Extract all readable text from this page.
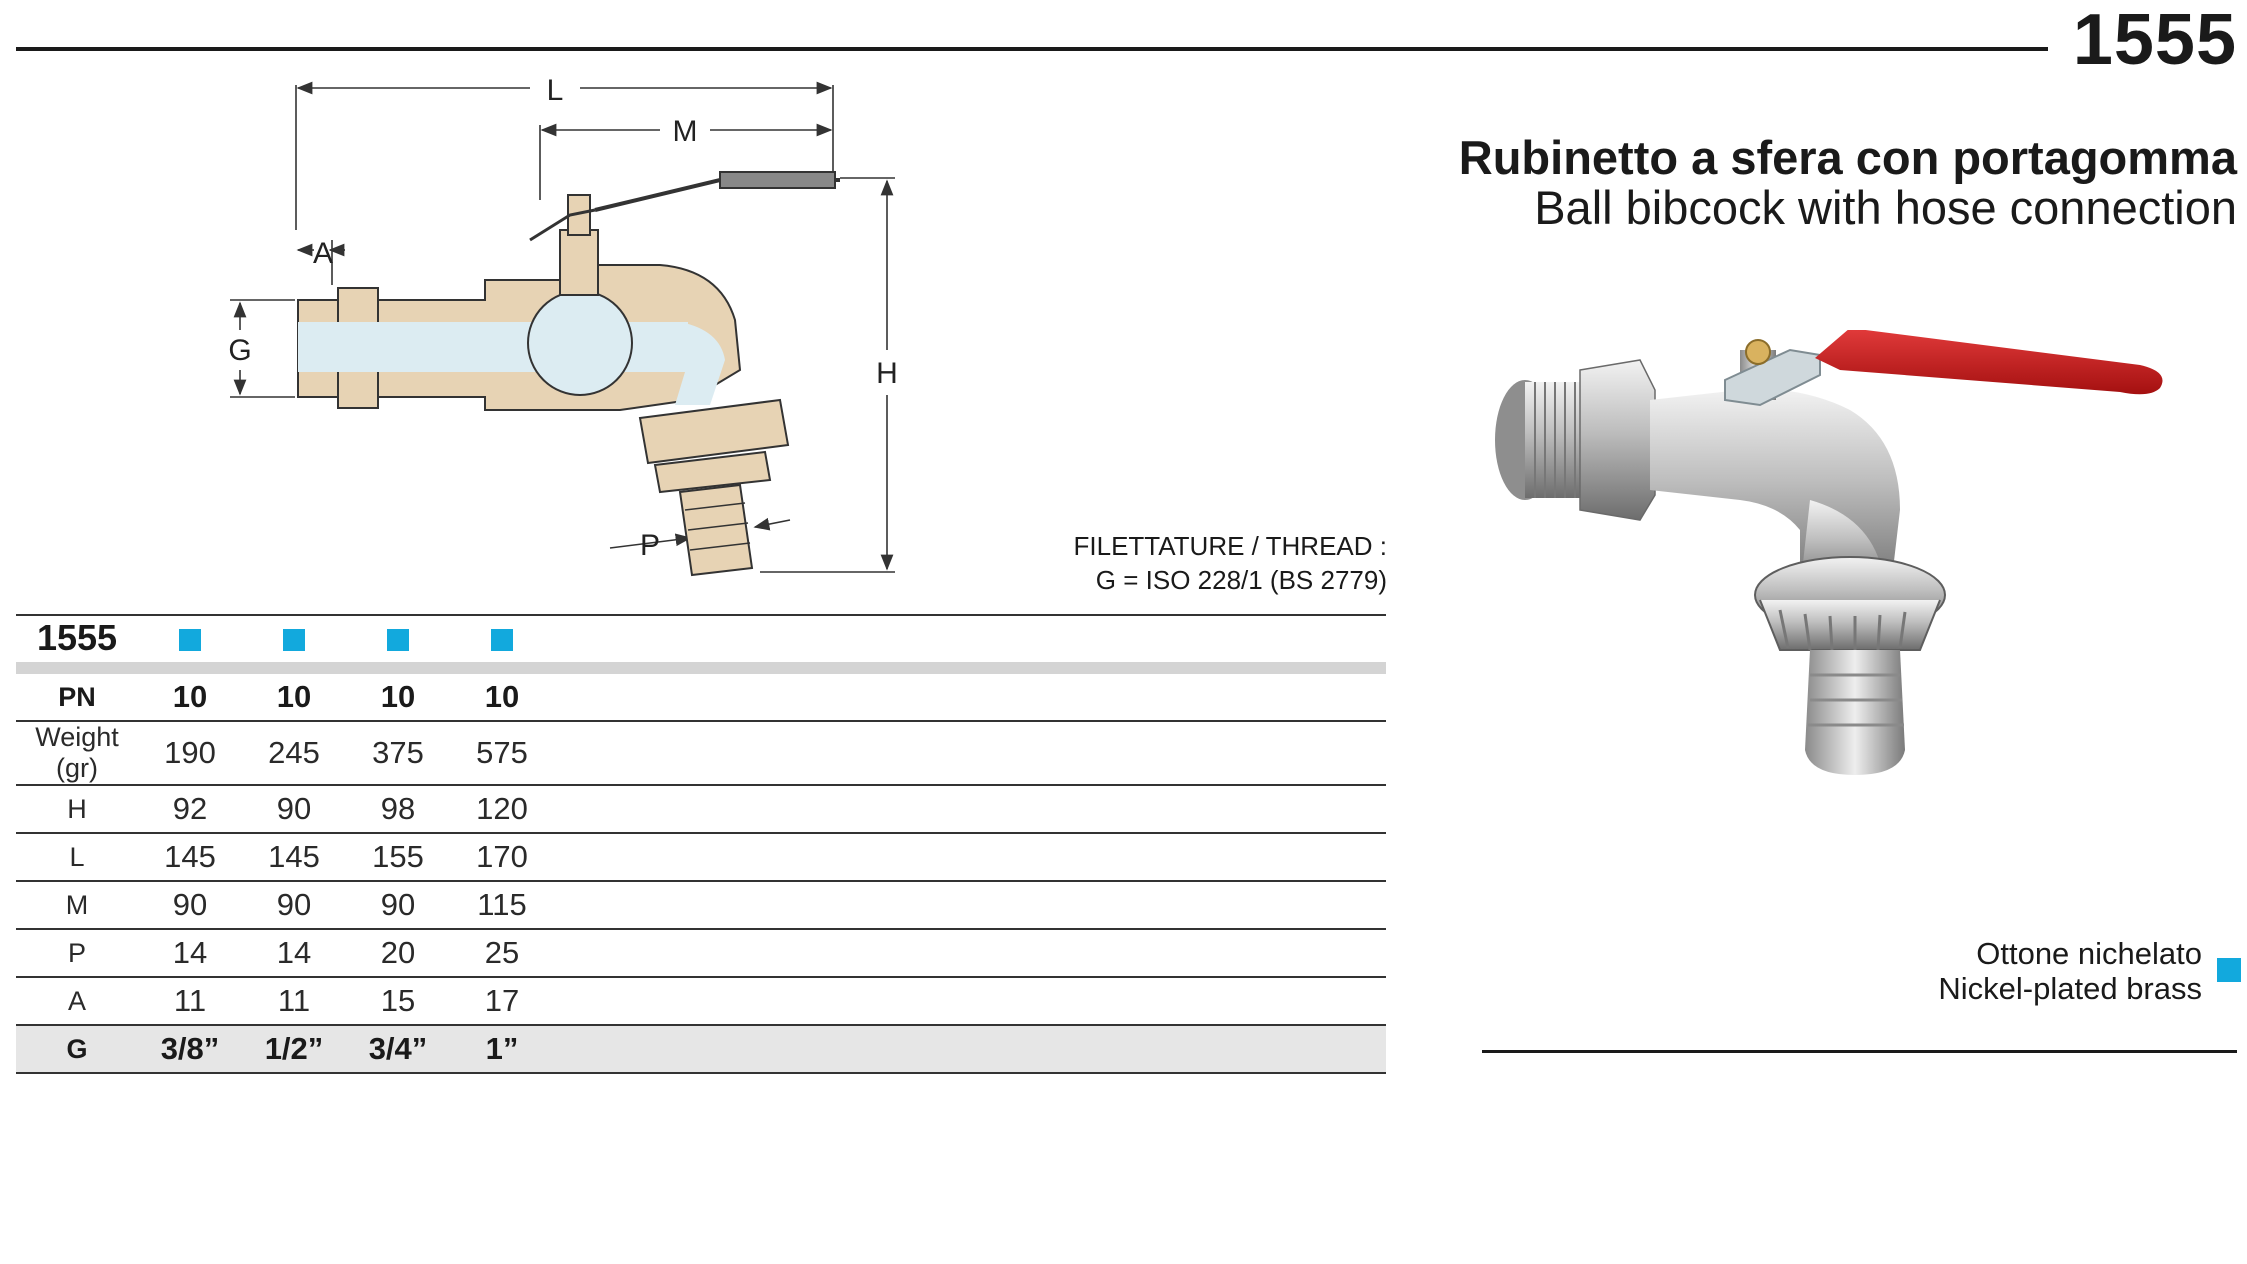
1555
Rubinetto a sfera con portagomma
Ball bibcock with hose connection
L
M
A
G
H
P	FILETTATURE / THREAD :
G = ISO 228/1 (BS 2779)
1555					

PN	10	10	10	10	
Weight (gr)	190	245	375	575	
H	92	90	98	120	
L	145	145	155	170	
M	90	90	90	115	
P	14	14	20	25	
A	11	11	15	17	
G	3/8”	1/2”	3/4”	1”	
Ottone nichelato
Nickel-plated brass
